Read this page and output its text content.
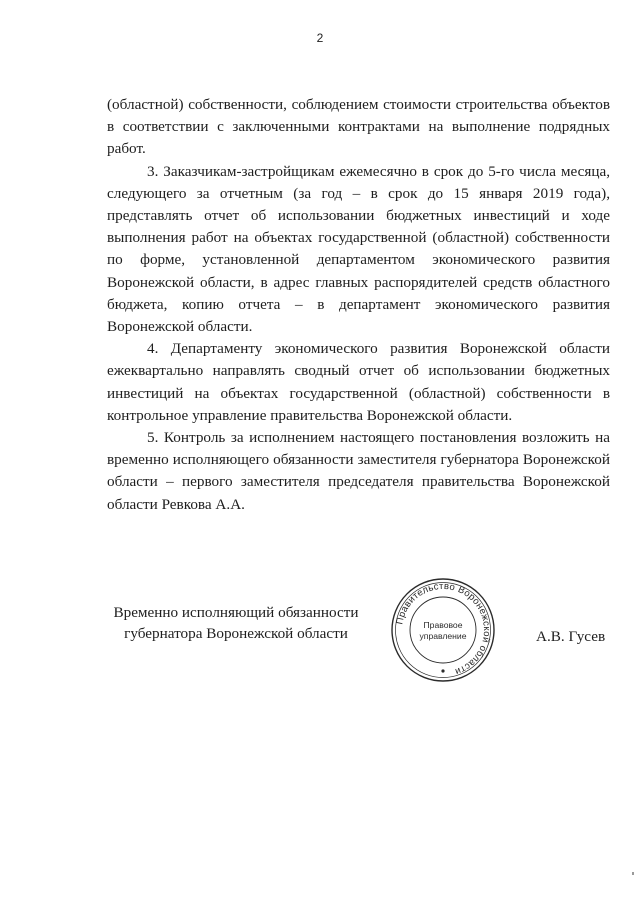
2

(областной) собственности, соблюдением стоимости строительства объектов в соответствии с заключенными контрактами на выполнение подрядных работ.

3. Заказчикам-застройщикам ежемесячно в срок до 5-го числа месяца, следующего за отчетным (за год – в срок до 15 января 2019 года), представлять отчет об использовании бюджетных инвестиций и ходе выполнения работ на объектах государственной (областной) собственности по форме, установленной департаментом экономического развития Воронежской области, в адрес главных распорядителей средств областного бюджета, копию отчета – в департамент экономического развития Воронежской области.

4. Департаменту экономического развития Воронежской области ежеквартально направлять сводный отчет об использовании бюджетных инвестиций на объектах государственной (областной) собственности в контрольное управление правительства Воронежской области.

5. Контроль за исполнением настоящего постановления возложить на временно исполняющего обязанности заместителя губернатора Воронежской области – первого заместителя председателя правительства Воронежской области Ревкова А.А.

Временно исполняющий обязанности
губернатора Воронежской области
Правительство Воронежской области
Правовое
управление	А.В. Гусев
